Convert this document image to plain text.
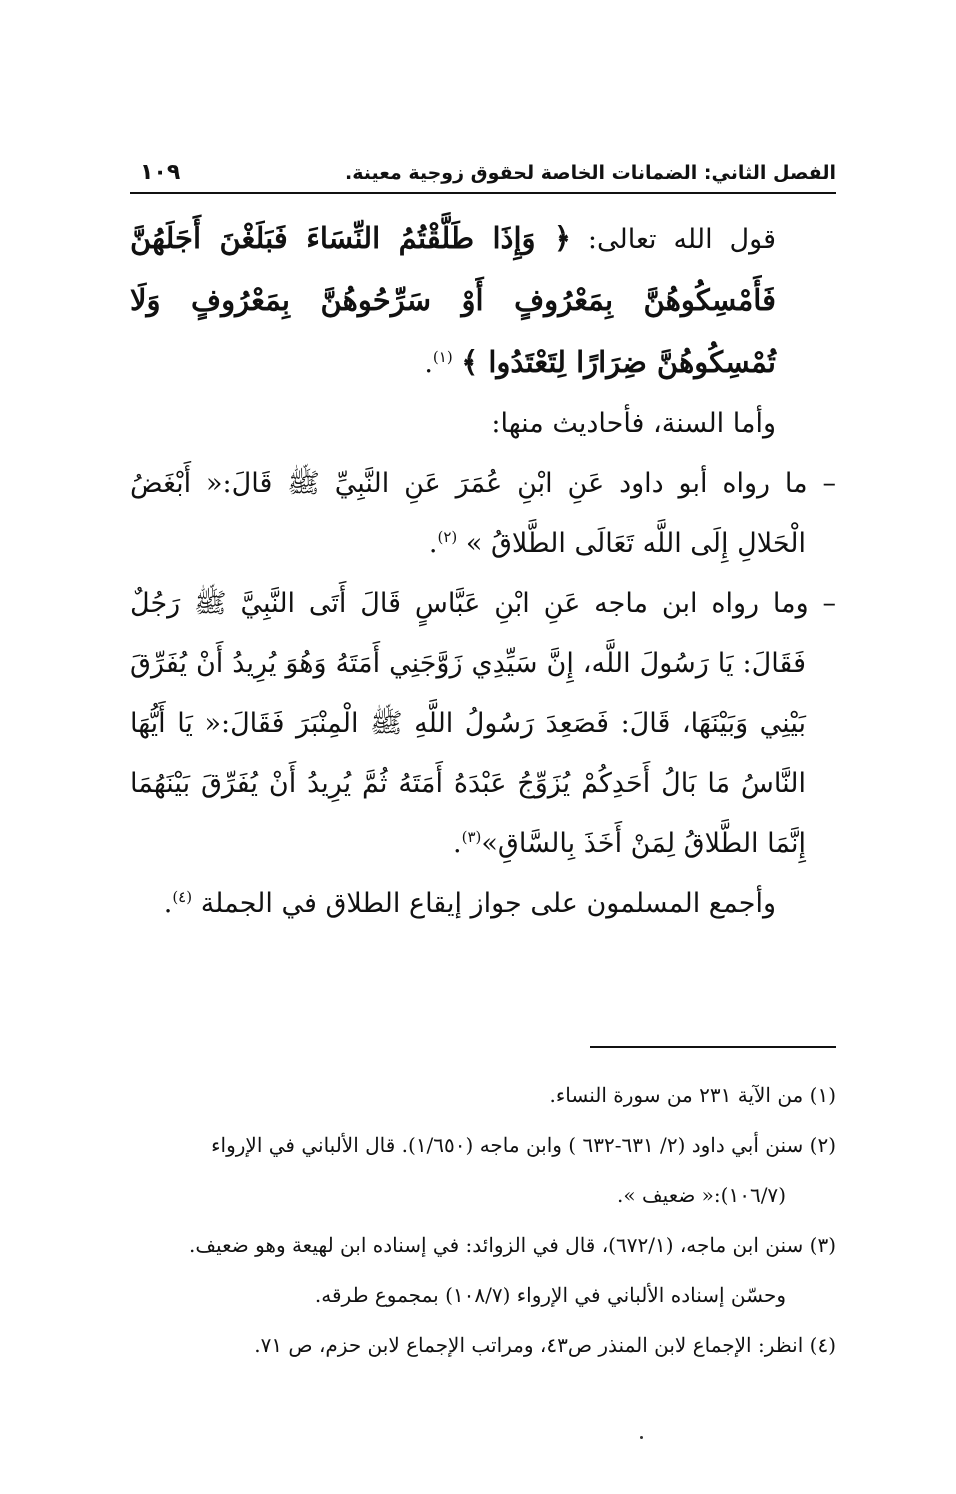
الفصل الثاني: الضمانات الخاصة لحقوق زوجية معينة.
١٠٩

قول الله تعالى: ﴿ وَإِذَا طَلَّقْتُمُ النِّسَاءَ فَبَلَغْنَ أَجَلَهُنَّ فَأَمْسِكُوهُنَّ بِمَعْرُوفٍ أَوْ سَرِّحُوهُنَّ بِمَعْرُوفٍ وَلَا تُمْسِكُوهُنَّ ضِرَارًا لِتَعْتَدُوا ﴾ $^{(١)}$.

وأما السنة، فأحاديث منها:

– ما رواه أبو داود عَنِ ابْنِ عُمَرَ عَنِ النَّبِيِّ ﷺ قَالَ:« أَبْغَضُ الْحَلالِ إِلَى اللَّه تَعَالَى الطَّلاقُ » $^{(٢)}$.

– وما رواه ابن ماجه عَنِ ابْنِ عَبَّاسٍ قَالَ أَتَى النَّبِيَّ ﷺ رَجُلٌ فَقَالَ: يَا رَسُولَ اللَّه، إِنَّ سَيِّدِي زَوَّجَنِي أَمَتَهُ وَهُوَ يُرِيدُ أَنْ يُفَرِّقَ بَيْنِي وَبَيْنَهَا، قَالَ: فَصَعِدَ رَسُولُ اللَّهِ ﷺ الْمِنْبَرَ فَقَالَ:« يَا أَيُّهَا النَّاسُ مَا بَالُ أَحَدِكُمْ يُزَوِّجُ عَبْدَهُ أَمَتَهُ ثُمَّ يُرِيدُ أَنْ يُفَرِّقَ بَيْنَهُمَا إِنَّمَا الطَّلاقُ لِمَنْ أَخَذَ بِالسَّاقِ»$^{(٣)}$.

وأجمع المسلمون على جواز إيقاع الطلاق في الجملة $^{(٤)}$.

(١) من الآية ٢٣١ من سورة النساء.

(٢) سنن أبي داود (٢/ ٦٣١-٦٣٢ ) وابن ماجه (١/٦٥٠). قال الألباني في الإرواء

(١٠٦/٧):« ضعيف ».

(٣) سنن ابن ماجه، (٦٧٢/١)، قال في الزوائد: في إسناده ابن لهيعة وهو ضعيف.

وحسّن إسناده الألباني في الإرواء (١٠٨/٧) بمجموع طرقه.

(٤) انظر: الإجماع لابن المنذر ص٤٣، ومراتب الإجماع لابن حزم، ص ٧١.
